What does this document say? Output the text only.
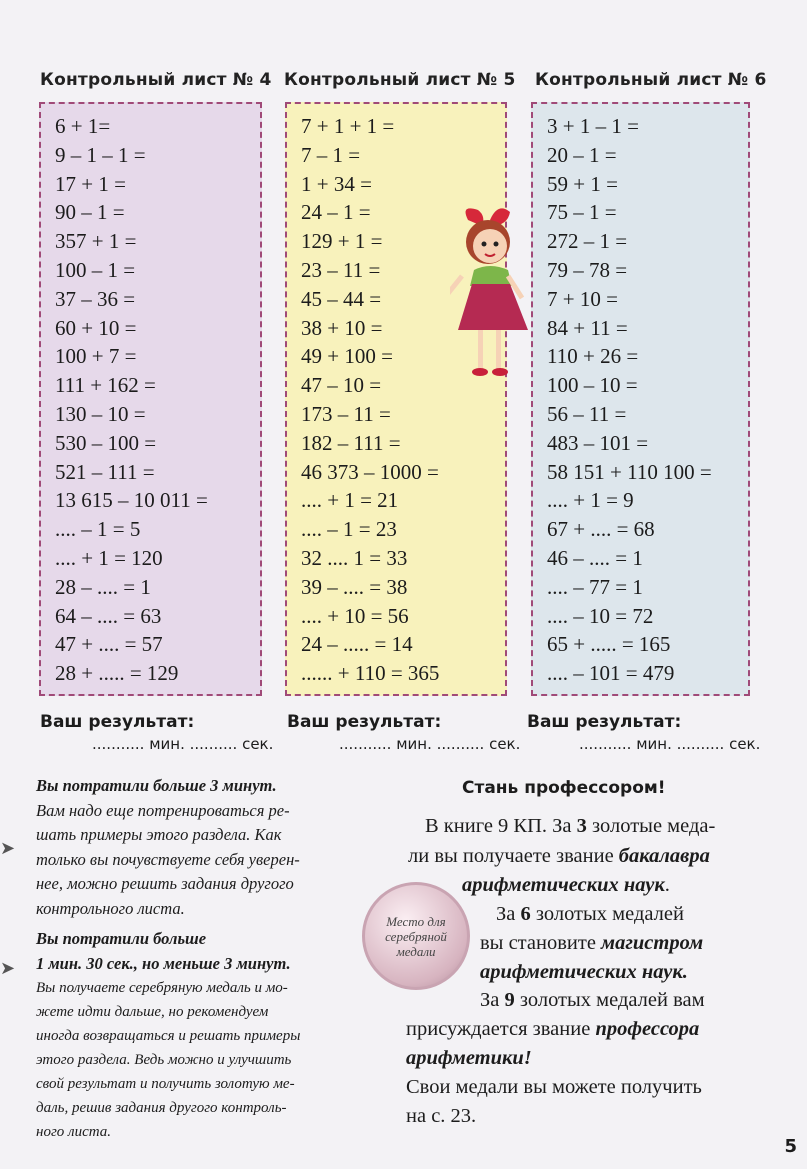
Контрольный лист № 4 Контрольный лист № 5 Контрольный лист № 6
6 + 1=
9 – 1 – 1 =
17 + 1 =
90 – 1 =
357 + 1 =
100 – 1 =
37 – 36 =
60 + 10 =
100 + 7 =
111 + 162 =
130 – 10 =
530 – 100 =
521 – 111 =
13 615 – 10 011 =
.... – 1 = 5
.... + 1 = 120
28 – .... = 1
64 – .... = 63
47 + .... = 57
28 + ..... = 129
7 + 1 + 1 =
7 – 1 =
1 + 34 =
24 – 1 =
129 + 1 =
23 – 11 =
45 – 44 =
38 + 10 =
49 + 100 =
47 – 10 =
173 – 11 =
182 – 111 =
46 373 – 1000 =
.... + 1 = 21
.... – 1 = 23
32 .... 1 = 33
39 – .... = 38
.... + 10 = 56
24 – ..... = 14
...... + 110 = 365
3 + 1 – 1 =
20 – 1 =
59 + 1 =
75 – 1 =
272 – 1 =
79 – 78 =
7 + 10 =
84 + 11 =
110 + 26 =
100 – 10 =
56 – 11 =
483 – 101 =
58 151 + 110 100 =
.... + 1 = 9
67 + .... = 68
46 – .... = 1
.... – 77 = 1
.... – 10 = 72
65 + ..... = 165
.... – 101 = 479
Ваш результат:
........... мин. .......... сек.
Ваш результат:
........... мин. .......... сек.
Ваш результат:
........... мин. .......... сек.
➤
➤

Вы потратили больше 3 минут.

Вам надо еще потренироваться ре-

шать примеры этого раздела. Как

только вы почувствуете себя уверен-

нее, можно решить задания другого

контрольного листа.

Вы потратили больше

1 мин. 30 сек., но меньше 3 минут.

Вы получаете серебряную медаль и мо-

жете идти дальше, но рекомендуем

иногда возвращаться и решать примеры

этого раздела. Ведь можно и улучшить

свой результат и получить золотую ме-

даль, решив задания другого контроль-

ного листа.

Стань профессором!
В книге 9 КП. За 3 золотые меда-
ли вы получаете звание бакалавра
арифметических наук.
За 6 золотых медалей
вы становите магистром
арифметических наук.
За 9 золотых медалей вам
присуждается звание профессора
арифметики!
Свои медали вы можете получить
на с. 23.
Место для серебряной медали
5
